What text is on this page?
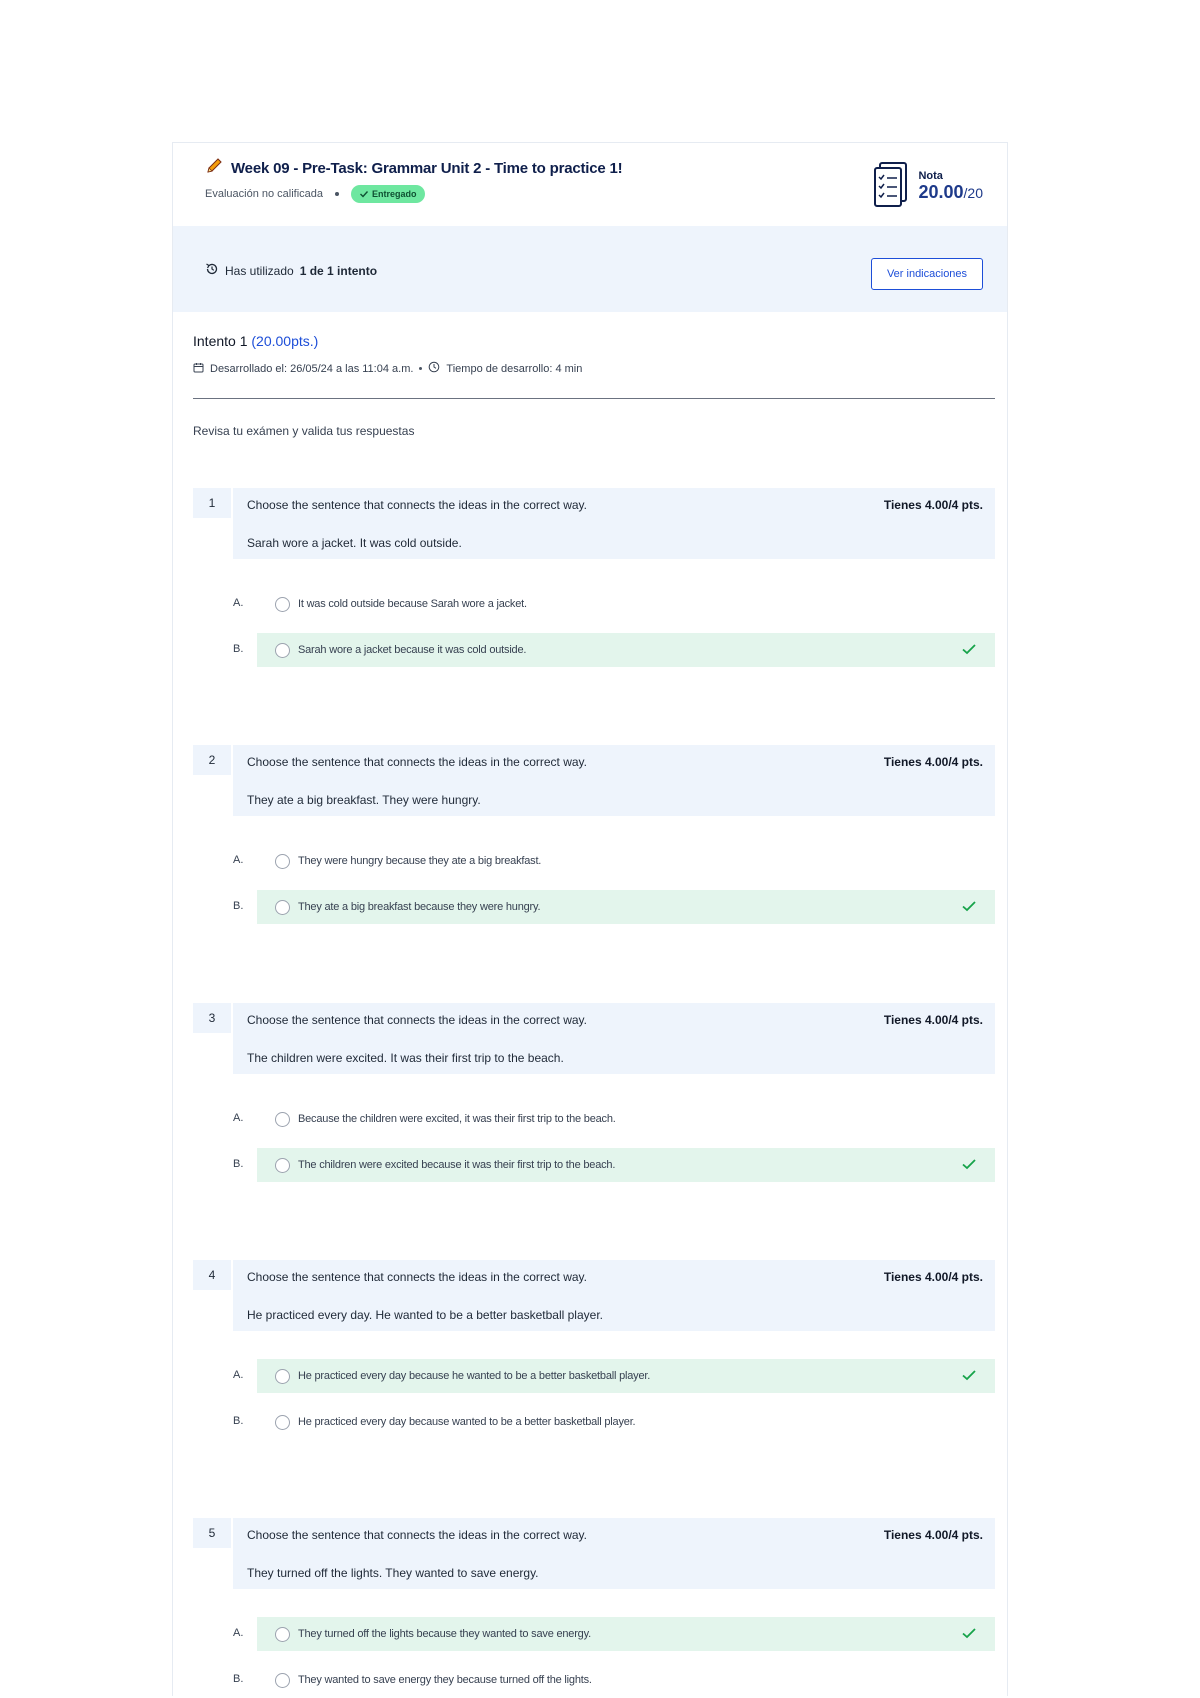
Week 09 - Pre-Task: Grammar Unit 2 - Time to practice 1!
Evaluación no calificada	Entregado
Nota
20.00/20
Has utilizado 1 de 1 intento	Ver indicaciones
Intento 1 (20.00pts.)
Desarrollado el: 26/05/24 a las 11:04 a.m.	Tiempo de desarrollo: 4 min
Revisa tu exámen y valida tus respuestas
1	Choose the sentence that connects the ideas in the correct way.
Sarah wore a jacket. It was cold outside.
Tienes 4.00/4 pts.
A.	It was cold outside because Sarah wore a jacket.
B.	Sarah wore a jacket because it was cold outside.
2	Choose the sentence that connects the ideas in the correct way.
They ate a big breakfast. They were hungry.
Tienes 4.00/4 pts.
A.	They were hungry because they ate a big breakfast.
B.	They ate a big breakfast because they were hungry.
3	Choose the sentence that connects the ideas in the correct way.
The children were excited. It was their first trip to the beach.
Tienes 4.00/4 pts.
A.	Because the children were excited, it was their first trip to the beach.
B.	The children were excited because it was their first trip to the beach.
4	Choose the sentence that connects the ideas in the correct way.
He practiced every day. He wanted to be a better basketball player.
Tienes 4.00/4 pts.
A.	He practiced every day because he wanted to be a better basketball player.
B.	He practiced every day because wanted to be a better basketball player.
5	Choose the sentence that connects the ideas in the correct way.
They turned off the lights. They wanted to save energy.
Tienes 4.00/4 pts.
A.	They turned off the lights because they wanted to save energy.
B.	They wanted to save energy they because turned off the lights.
